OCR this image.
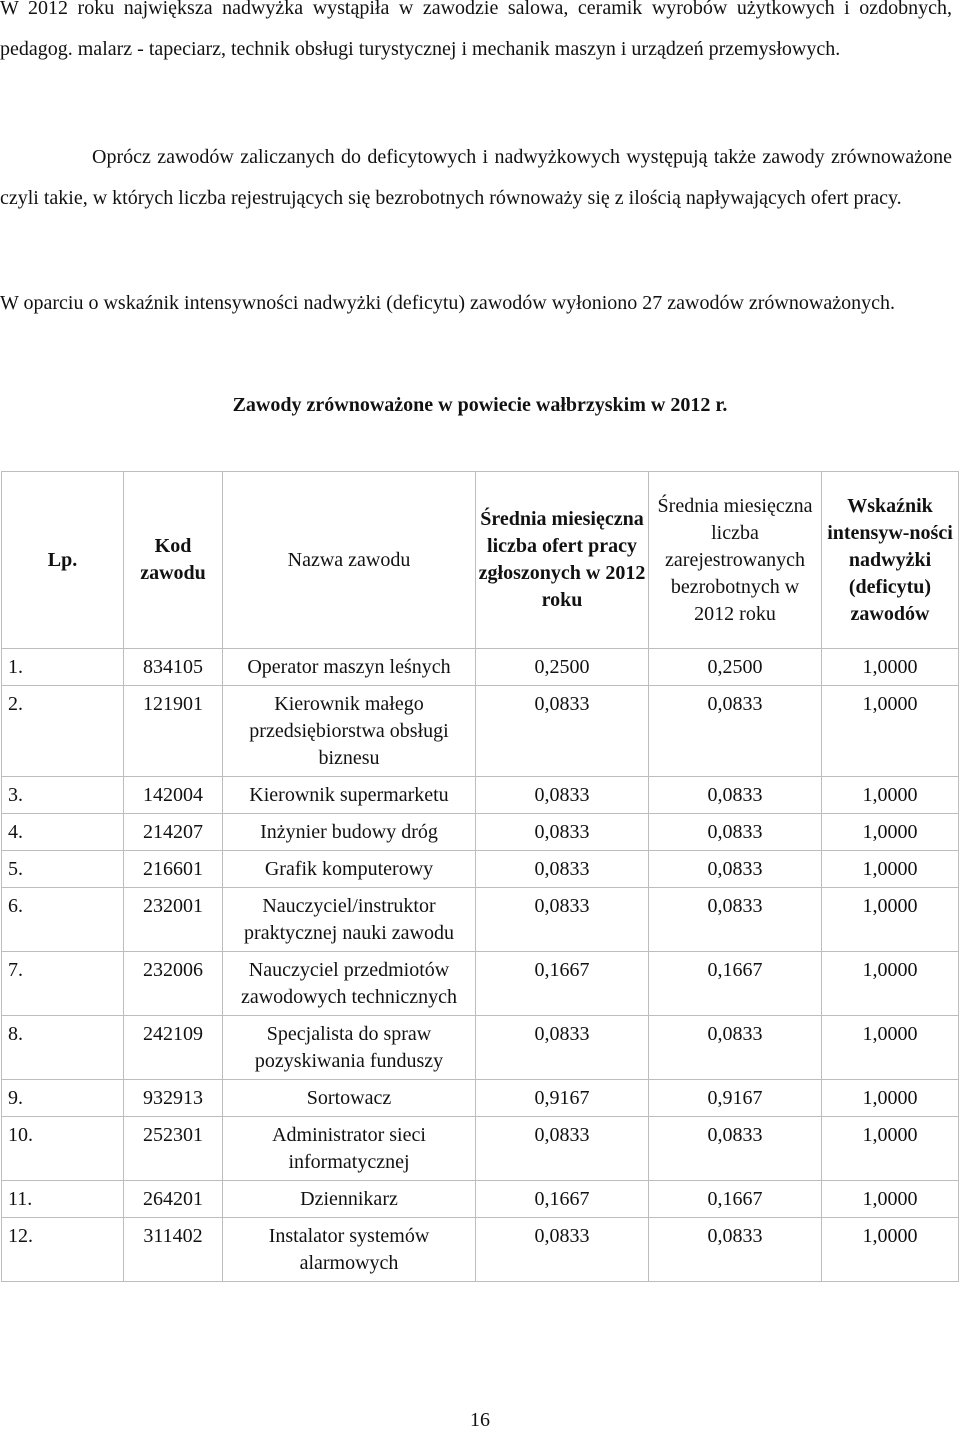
W 2012 roku największa nadwyżka wystąpiła w zawodzie salowa, ceramik wyrobów użytkowych i ozdobnych, pedagog. malarz - tapeciarz, technik obsługi turystycznej i mechanik maszyn i urządzeń przemysłowych.

Oprócz zawodów zaliczanych do deficytowych i nadwyżkowych występują także zawody zrównoważone czyli takie, w których liczba rejestrujących się bezrobotnych równoważy się z ilością napływających ofert pracy.

W oparciu o wskaźnik intensywności nadwyżki (deficytu) zawodów wyłoniono 27 zawodów zrównoważonych.

Zawody zrównoważone w powiecie wałbrzyskim w 2012 r.
Lp.	Kod zawodu	Nazwa zawodu	Średnia miesięczna liczba ofert pracy zgłoszonych w 2012 roku	Średnia miesięczna liczba zarejestrowanych bezrobotnych w 2012 roku	Wskaźnik intensyw-ności nadwyżki (deficytu) zawodów
1.	834105	Operator maszyn leśnych	0,2500	0,2500	1,0000
2.	121901	Kierownik małego przedsiębiorstwa obsługi biznesu	0,0833	0,0833	1,0000
3.	142004	Kierownik supermarketu	0,0833	0,0833	1,0000
4.	214207	Inżynier budowy dróg	0,0833	0,0833	1,0000
5.	216601	Grafik komputerowy	0,0833	0,0833	1,0000
6.	232001	Nauczyciel/instruktor praktycznej nauki zawodu	0,0833	0,0833	1,0000
7.	232006	Nauczyciel przedmiotów zawodowych technicznych	0,1667	0,1667	1,0000
8.	242109	Specjalista do spraw pozyskiwania funduszy	0,0833	0,0833	1,0000
9.	932913	Sortowacz	0,9167	0,9167	1,0000
10.	252301	Administrator sieci informatycznej	0,0833	0,0833	1,0000
11.	264201	Dziennikarz	0,1667	0,1667	1,0000
12.	311402	Instalator systemów alarmowych	0,0833	0,0833	1,0000
16
